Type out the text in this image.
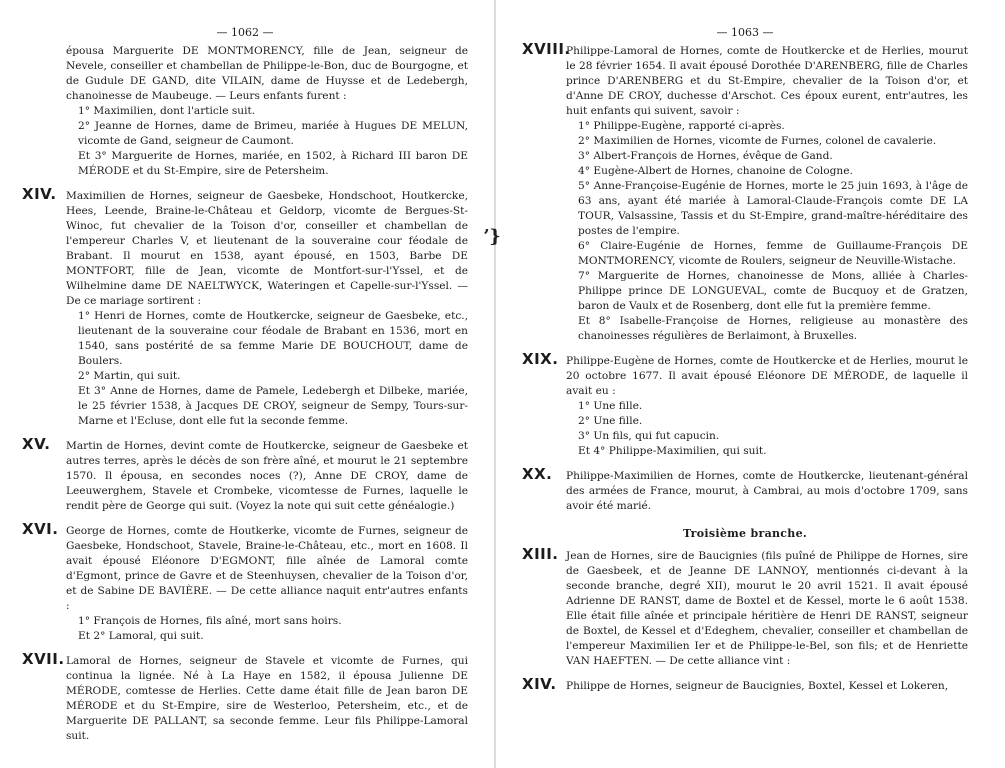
ʼ}
— 1062 —

épousa Marguerite DE MONTMORENCY, fille de Jean, seigneur de Nevele, conseiller et chambellan de Philippe-le-Bon, duc de Bourgogne, et de Gudule DE GAND, dite VILAIN, dame de Huysse et de Ledebergh, chanoinesse de Maubeuge. — Leurs enfants furent :

1° Maximilien, dont l'article suit.

2° Jeanne de Hornes, dame de Brimeu, mariée à Hugues DE MELUN, vicomte de Gand, seigneur de Caumont.

Et 3° Marguerite de Hornes, mariée, en 1502, à Richard III baron DE MÉRODE et du St-Empire, sire de Petersheim.

XIV. Maximilien de Hornes, seigneur de Gaesbeke, Hondschoot, Houtkercke, Hees, Leende, Braine-le-Château et Geldorp, vicomte de Bergues-St-Winoc, fut chevalier de la Toison d'or, conseiller et chambellan de l'empereur Charles V, et lieutenant de la souveraine cour féodale de Brabant. Il mourut en 1538, ayant épousé, en 1503, Barbe DE MONTFORT, fille de Jean, vicomte de Montfort-sur-l'Yssel, et de Wilhelmine dame DE NAELTWYCK, Wateringen et Capelle-sur-l'Yssel. — De ce mariage sortirent :

1° Henri de Hornes, comte de Houtkercke, seigneur de Gaesbeke, etc., lieutenant de la souveraine cour féodale de Brabant en 1536, mort en 1540, sans postérité de sa femme Marie DE BOUCHOUT, dame de Boulers.

2° Martin, qui suit.

Et 3° Anne de Hornes, dame de Pamele, Ledebergh et Dilbeke, mariée, le 25 février 1538, à Jacques DE CROY, seigneur de Sempy, Tours-sur-Marne et l'Ecluse, dont elle fut la seconde femme.

XV. Martin de Hornes, devint comte de Houtkercke, seigneur de Gaesbeke et autres terres, après le décès de son frère aîné, et mourut le 21 septembre 1570. Il épousa, en secondes noces (?), Anne DE CROY, dame de Leeuwerghem, Stavele et Crombeke, vicomtesse de Furnes, laquelle le rendit père de George qui suit. (Voyez la note qui suit cette généalogie.)

XVI. George de Hornes, comte de Houtkerke, vicomte de Furnes, seigneur de Gaesbeke, Hondschoot, Stavele, Braine-le-Château, etc., mort en 1608. Il avait épousé Eléonore D'EGMONT, fille aînée de Lamoral comte d'Egmont, prince de Gavre et de Steenhuysen, chevalier de la Toison d'or, et de Sabine DE BAVIÈRE. — De cette alliance naquit entr'autres enfants :

1° François de Hornes, fils aîné, mort sans hoirs.

Et 2° Lamoral, qui suit.

XVII. Lamoral de Hornes, seigneur de Stavele et vicomte de Furnes, qui continua la lignée. Né à La Haye en 1582, il épousa Julienne DE MÉRODE, comtesse de Herlies. Cette dame était fille de Jean baron DE MÉRODE et du St-Empire, sire de Westerloo, Petersheim, etc., et de Marguerite DE PALLANT, sa seconde femme. Leur fils Philippe-Lamoral suit.

— 1063 —
XVIII.

Philippe-Lamoral de Hornes, comte de Houtkercke et de Herlies, mourut le 28 février 1654. Il avait épousé Dorothée D'ARENBERG, fille de Charles prince D'ARENBERG et du St-Empire, chevalier de la Toison d'or, et d'Anne DE CROY, duchesse d'Arschot. Ces époux eurent, entr'autres, les huit enfants qui suivent, savoir :

1° Philippe-Eugène, rapporté ci-après.

2° Maximilien de Hornes, vicomte de Furnes, colonel de cavalerie.

3° Albert-François de Hornes, évêque de Gand.

4° Eugène-Albert de Hornes, chanoine de Cologne.

5° Anne-Françoise-Eugénie de Hornes, morte le 25 juin 1693, à l'âge de 63 ans, ayant été mariée à Lamoral-Claude-François comte DE LA TOUR, Valsassine, Tassis et du St-Empire, grand-maître-héréditaire des postes de l'empire.

6° Claire-Eugénie de Hornes, femme de Guillaume-François DE MONTMORENCY, vicomte de Roulers, seigneur de Neuville-Wistache.

7° Marguerite de Hornes, chanoinesse de Mons, alliée à Charles-Philippe prince DE LONGUEVAL, comte de Bucquoy et de Gratzen, baron de Vaulx et de Rosenberg, dont elle fut la première femme.

Et 8° Isabelle-Françoise de Hornes, religieuse au monastère des chanoinesses régulières de Berlaimont, à Bruxelles.

XIX. Philippe-Eugène de Hornes, comte de Houtkercke et de Herlies, mourut le 20 octobre 1677. Il avait épousé Eléonore DE MÉRODE, de laquelle il avait eu :

1° Une fille.

2° Une fille.

3° Un fils, qui fut capucin.

Et 4° Philippe-Maximilien, qui suit.

XX. Philippe-Maximilien de Hornes, comte de Houtkercke, lieutenant-général des armées de France, mourut, à Cambrai, au mois d'octobre 1709, sans avoir été marié.

Troisième branche.
XIII. Jean de Hornes, sire de Baucignies (fils puîné de Philippe de Hornes, sire de Gaesbeek, et de Jeanne DE LANNOY, mentionnés ci-devant à la seconde branche, degré XII), mourut le 20 avril 1521. Il avait épousé Adrienne DE RANST, dame de Boxtel et de Kessel, morte le 6 août 1538. Elle était fille aînée et principale héritière de Henri DE RANST, seigneur de Boxtel, de Kessel et d'Edeghem, chevalier, conseiller et chambellan de l'empereur Maximilien Ier et de Philippe-le-Bel, son fils; et de Henriette VAN HAEFTEN. — De cette alliance vint :

XIV. Philippe de Hornes, seigneur de Baucignies, Boxtel, Kessel et Lokeren,
